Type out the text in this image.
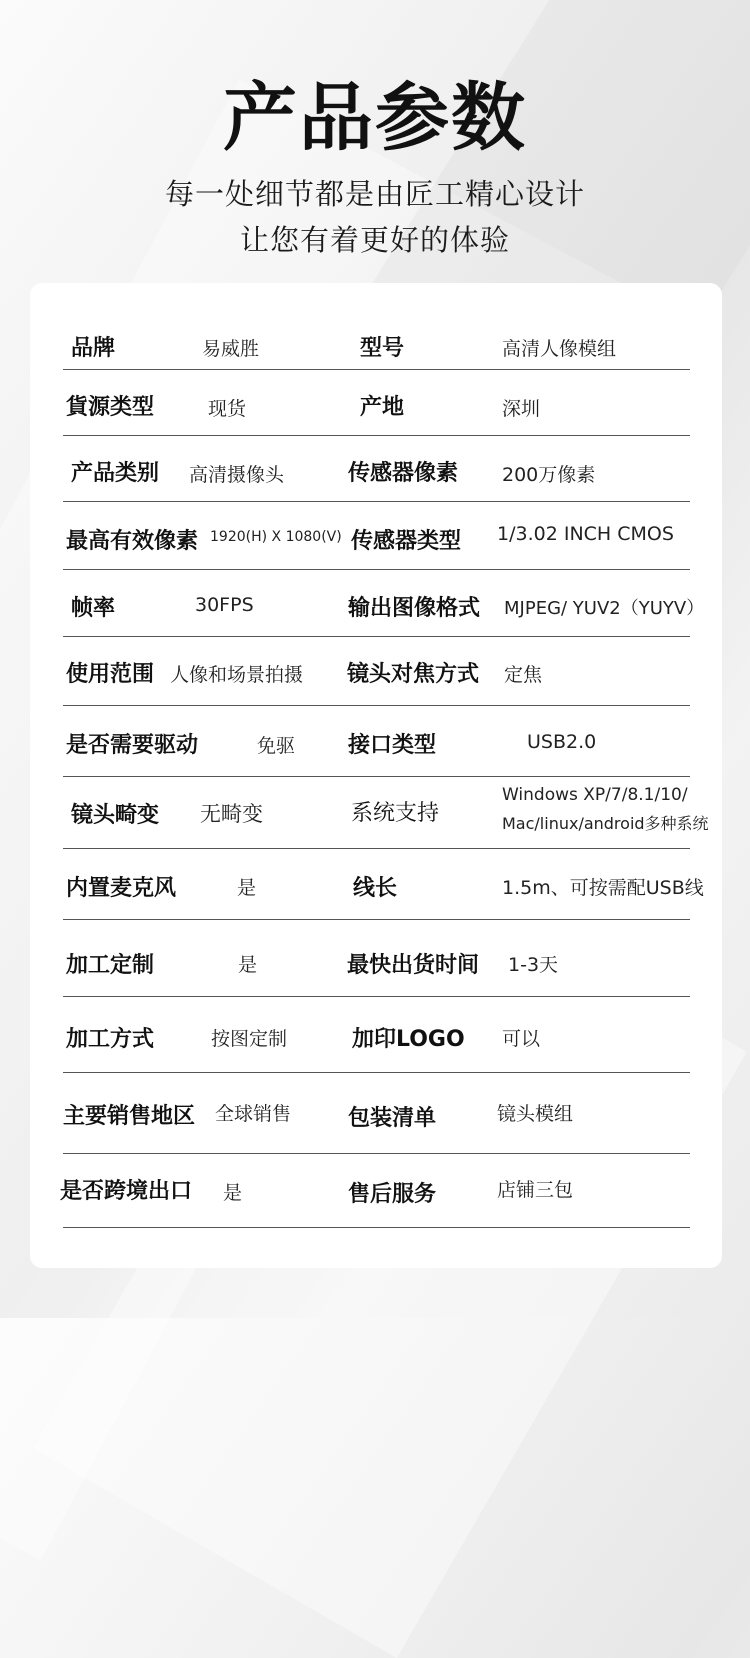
产品参数
每一处细节都是由匠工精心设计
让您有着更好的体验
品牌	易威胜	型号	高清人像模组
貨源类型	现货	产地	深圳
产品类别 高清摄像头	传感器像素 200万像素
最高有效像素 1920(H) X 1080(V) 传感器类型 1/3.02 INCH CMOS
帧率	30FPS	输出图像格式 MJPEG/ YUV2（YUYV）
使用范围 人像和场景拍摄 镜头对焦方式 定焦
是否需要驱动	免驱 接口类型	USB2.0
镜头畸变 无畸变	系统支持
Windows XP/7/8.1/10/
Mac/linux/android多种系统
内置麦克风	是	线长	1.5m、可按需配USB线
加工定制	是	最快出货时间 1-3天
加工方式	按图定制	加印LOGO 可以
主要销售地区 全球销售	包装清单	镜头模组
是否跨境出口 是	售后服务	店铺三包
